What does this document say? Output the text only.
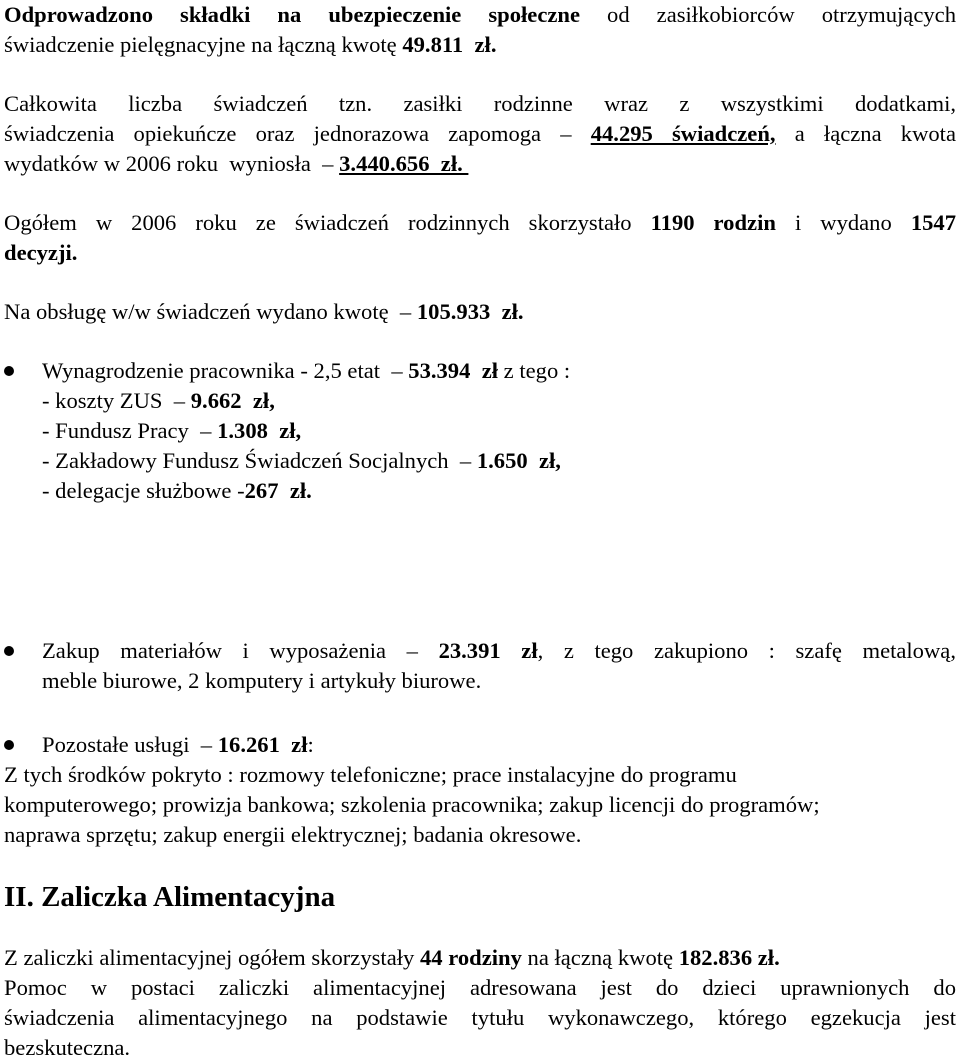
Odprowadzono składki na ubezpieczenie społeczne od zasiłkobiorców otrzymujących
świadczenie pielęgnacyjne na łączną kwotę 49.811  zł.
Całkowita liczba świadczeń tzn. zasiłki rodzinne wraz z wszystkimi dodatkami,
świadczenia opiekuńcze oraz jednorazowa zapomoga – 44.295 świadczeń, a łączna kwota
wydatków w 2006 roku  wyniosła  – 3.440.656  zł.
Ogółem w 2006 roku ze świadczeń rodzinnych skorzystało 1190 rodzin i wydano 1547
decyzji.
Na obsługę w/w świadczeń wydano kwotę  – 105.933  zł.
Wynagrodzenie pracownika - 2,5 etat  – 53.394  zł z tego :
- koszty ZUS  – 9.662  zł,
- Fundusz Pracy  – 1.308  zł,
- Zakładowy Fundusz Świadczeń Socjalnych  – 1.650  zł,
- delegacje służbowe -267  zł.
Zakup materiałów i wyposażenia – 23.391 zł, z tego zakupiono : szafę metalową,
meble biurowe, 2 komputery i artykuły biurowe.
Pozostałe usługi  – 16.261  zł:
Z tych środków pokryto : rozmowy telefoniczne; prace instalacyjne do programu
komputerowego; prowizja bankowa; szkolenia pracownika; zakup licencji do programów;
naprawa sprzętu; zakup energii elektrycznej; badania okresowe.
II. Zaliczka Alimentacyjna
Z zaliczki alimentacyjnej ogółem skorzystały 44 rodziny na łączną kwotę 182.836 zł.
Pomoc w postaci zaliczki alimentacyjnej adresowana jest do dzieci uprawnionych do
świadczenia alimentacyjnego na podstawie tytułu wykonawczego, którego egzekucja jest
bezskuteczna.
